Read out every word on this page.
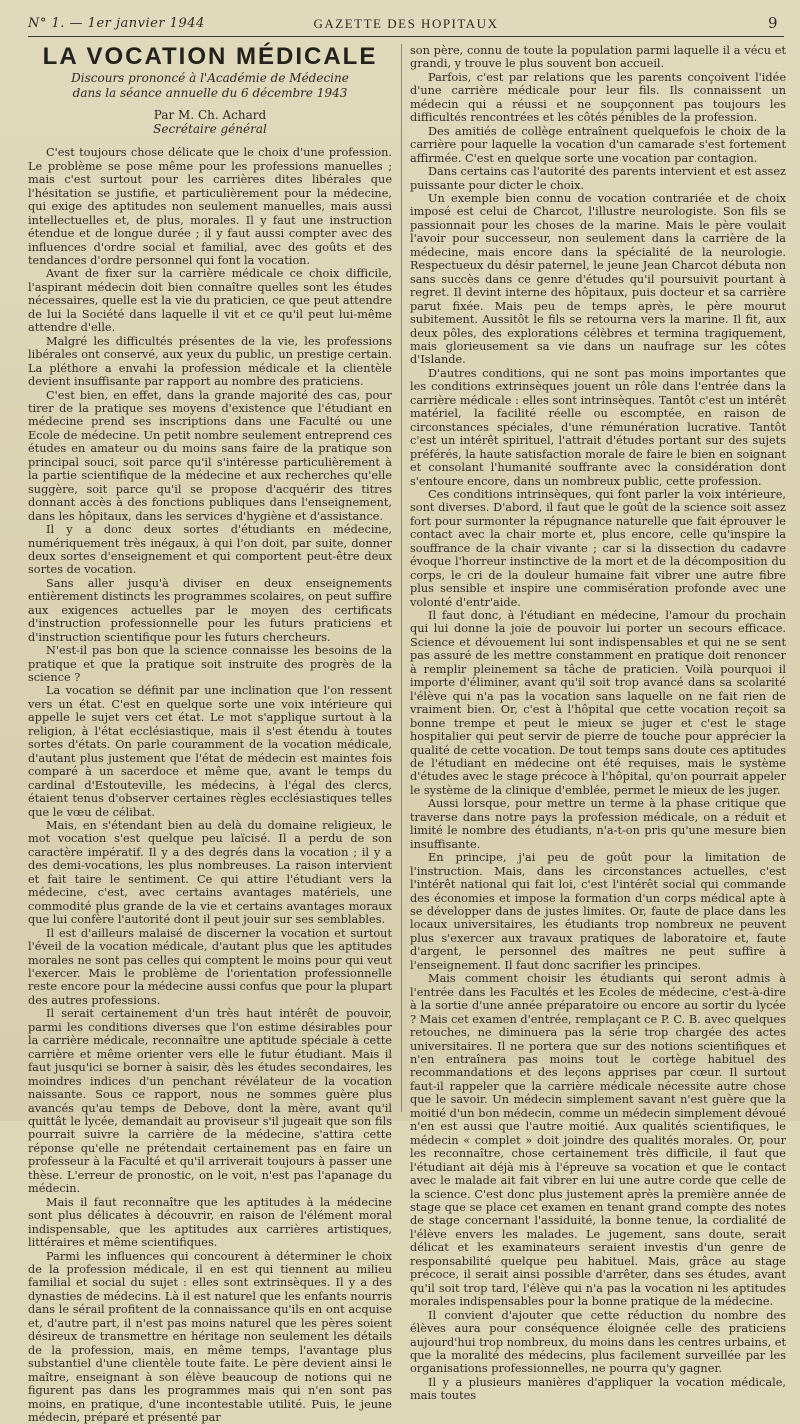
N° 1. — 1er janvier 1944	GAZETTE DES HOPITAUX	9
LA VOCATION MÉDICALE
Discours prononcé à l'Académie de Médecine
dans la séance annuelle du 6 décembre 1943
Par M. Ch. Achard
Secrétaire général

C'est toujours chose délicate que le choix d'une profession. Le problème se pose même pour les professions manuelles ; mais c'est surtout pour les carrières dites libérales que l'hésitation se justifie, et particulièrement pour la médecine, qui exige des aptitudes non seulement manuelles, mais aussi intellectuelles et, de plus, morales. Il y faut une instruction étendue et de longue durée ; il y faut aussi compter avec des influences d'ordre social et familial, avec des goûts et des tendances d'ordre personnel qui font la vocation.

Avant de fixer sur la carrière médicale ce choix difficile, l'aspirant médecin doit bien connaître quelles sont les études nécessaires, quelle est la vie du praticien, ce que peut attendre de lui la Société dans laquelle il vit et ce qu'il peut lui-même attendre d'elle.

Malgré les difficultés présentes de la vie, les professions libérales ont conservé, aux yeux du public, un prestige certain. La pléthore a envahi la profession médicale et la clientèle devient insuffisante par rapport au nombre des praticiens.

C'est bien, en effet, dans la grande majorité des cas, pour tirer de la pratique ses moyens d'existence que l'étudiant en médecine prend ses inscriptions dans une Faculté ou une Ecole de médecine. Un petit nombre seulement entreprend ces études en amateur ou du moins sans faire de la pratique son principal souci, soit parce qu'il s'intéresse particulièrement à la partie scientifique de la médecine et aux recherches qu'elle suggère, soit parce qu'il se propose d'acquérir des titres donnant accès à des fonctions publiques dans l'enseignement, dans les hôpitaux, dans les services d'hygiène et d'assistance.

Il y a donc deux sortes d'étudiants en médecine, numériquement très inégaux, à qui l'on doit, par suite, donner deux sortes d'enseignement et qui comportent peut-être deux sortes de vocation.

Sans aller jusqu'à diviser en deux enseignements entièrement distincts les programmes scolaires, on peut suffire aux exigences actuelles par le moyen des certificats d'instruction professionnelle pour les futurs praticiens et d'instruction scientifique pour les futurs chercheurs.

N'est-il pas bon que la science connaisse les besoins de la pratique et que la pratique soit instruite des progrès de la science ?

La vocation se définit par une inclination que l'on ressent vers un état. C'est en quelque sorte une voix intérieure qui appelle le sujet vers cet état. Le mot s'applique surtout à la religion, à l'état ecclésiastique, mais il s'est étendu à toutes sortes d'états. On parle couramment de la vocation médicale, d'autant plus justement que l'état de médecin est maintes fois comparé à un sacerdoce et même que, avant le temps du cardinal d'Estouteville, les médecins, à l'égal des clercs, étaient tenus d'observer certaines règles ecclésiastiques telles que le vœu de célibat.

Mais, en s'étendant bien au delà du domaine religieux, le mot vocation s'est quelque peu laïcisé. Il a perdu de son caractère impératif. Il y a des degrés dans la vocation ; il y a des demi-vocations, les plus nombreuses. La raison intervient et fait taire le sentiment. Ce qui attire l'étudiant vers la médecine, c'est, avec certains avantages matériels, une commodité plus grande de la vie et certains avantages moraux que lui confère l'autorité dont il peut jouir sur ses semblables.

Il est d'ailleurs malaisé de discerner la vocation et surtout l'éveil de la vocation médicale, d'autant plus que les aptitudes morales ne sont pas celles qui comptent le moins pour qui veut l'exercer. Mais le problème de l'orientation professionnelle reste encore pour la médecine aussi confus que pour la plupart des autres professions.

Il serait certainement d'un très haut intérêt de pouvoir, parmi les conditions diverses que l'on estime désirables pour la carrière médicale, reconnaître une aptitude spéciale à cette carrière et même orienter vers elle le futur étudiant. Mais il faut jusqu'ici se borner à saisir, dès les études secondaires, les moindres indices d'un penchant révélateur de la vocation naissante. Sous ce rapport, nous ne sommes guère plus avancés qu'au temps de Debove, dont la mère, avant qu'il quittât le lycée, demandait au proviseur s'il jugeait que son fils pourrait suivre la carrière de la médecine, s'attira cette réponse qu'elle ne prétendait certainement pas en faire un professeur à la Faculté et qu'il arriverait toujours à passer une thèse. L'erreur de pronostic, on le voit, n'est pas l'apanage du médecin.

Mais il faut reconnaître que les aptitudes à la médecine sont plus délicates à découvrir, en raison de l'élément moral indispensable, que les aptitudes aux carrières artistiques, littéraires et même scientifiques.

Parmi les influences qui concourent à déterminer le choix de la profession médicale, il en est qui tiennent au milieu familial et social du sujet : elles sont extrinsèques. Il y a des dynasties de médecins. Là il est naturel que les enfants nourris dans le sérail profitent de la connaissance qu'ils en ont acquise et, d'autre part, il n'est pas moins naturel que les pères soient désireux de transmettre en héritage non seulement les détails de la profession, mais, en même temps, l'avantage plus substantiel d'une clientèle toute faite. Le père devient ainsi le maître, enseignant à son élève beaucoup de notions qui ne figurent pas dans les programmes mais qui n'en sont pas moins, en pratique, d'une incontestable utilité. Puis, le jeune médecin, préparé et présenté par

son père, connu de toute la population parmi laquelle il a vécu et grandi, y trouve le plus souvent bon accueil.

Parfois, c'est par relations que les parents conçoivent l'idée d'une carrière médicale pour leur fils. Ils connaissent un médecin qui a réussi et ne soupçonnent pas toujours les difficultés rencontrées et les côtés pénibles de la profession.

Des amitiés de collège entraînent quelquefois le choix de la carrière pour laquelle la vocation d'un camarade s'est fortement affirmée. C'est en quelque sorte une vocation par contagion.

Dans certains cas l'autorité des parents intervient et est assez puissante pour dicter le choix.

Un exemple bien connu de vocation contrariée et de choix imposé est celui de Charcot, l'illustre neurologiste. Son fils se passionnait pour les choses de la marine. Mais le père voulait l'avoir pour successeur, non seulement dans la carrière de la médecine, mais encore dans la spécialité de la neurologie. Respectueux du désir paternel, le jeune Jean Charcot débuta non sans succès dans ce genre d'études qu'il poursuivit pourtant à regret. Il devint interne des hôpitaux, puis docteur et sa carrière parut fixée. Mais peu de temps après, le père mourut subitement. Aussitôt le fils se retourna vers la marine. Il fit, aux deux pôles, des explorations célèbres et termina tragiquement, mais glorieusement sa vie dans un naufrage sur les côtes d'Islande.

D'autres conditions, qui ne sont pas moins importantes que les conditions extrinsèques jouent un rôle dans l'entrée dans la carrière médicale : elles sont intrinsèques. Tantôt c'est un intérêt matériel, la facilité réelle ou escomptée, en raison de circonstances spéciales, d'une rémunération lucrative. Tantôt c'est un intérêt spirituel, l'attrait d'études portant sur des sujets préférés, la haute satisfaction morale de faire le bien en soignant et consolant l'humanité souffrante avec la considération dont s'entoure encore, dans un nombreux public, cette profession.

Ces conditions intrinsèques, qui font parler la voix intérieure, sont diverses. D'abord, il faut que le goût de la science soit assez fort pour surmonter la répugnance naturelle que fait éprouver le contact avec la chair morte et, plus encore, celle qu'inspire la souffrance de la chair vivante ; car si la dissection du cadavre évoque l'horreur instinctive de la mort et de la décomposition du corps, le cri de la douleur humaine fait vibrer une autre fibre plus sensible et inspire une commisération profonde avec une volonté d'entr'aide.

Il faut donc, à l'étudiant en médecine, l'amour du prochain qui lui donne la joie de pouvoir lui porter un secours efficace. Science et dévouement lui sont indispensables et qui ne se sent pas assuré de les mettre constamment en pratique doit renoncer à remplir pleinement sa tâche de praticien. Voilà pourquoi il importe d'éliminer, avant qu'il soit trop avancé dans sa scolarité l'élève qui n'a pas la vocation sans laquelle on ne fait rien de vraiment bien. Or, c'est à l'hôpital que cette vocation reçoit sa bonne trempe et peut le mieux se juger et c'est le stage hospitalier qui peut servir de pierre de touche pour apprécier la qualité de cette vocation. De tout temps sans doute ces aptitudes de l'étudiant en médecine ont été requises, mais le système d'études avec le stage précoce à l'hôpital, qu'on pourrait appeler le système de la clinique d'emblée, permet le mieux de les juger.

Aussi lorsque, pour mettre un terme à la phase critique que traverse dans notre pays la profession médicale, on a réduit et limité le nombre des étudiants, n'a-t-on pris qu'une mesure bien insuffisante.

En principe, j'ai peu de goût pour la limitation de l'instruction. Mais, dans les circonstances actuelles, c'est l'intérêt national qui fait loi, c'est l'intérêt social qui commande des économies et impose la formation d'un corps médical apte à se développer dans de justes limites. Or, faute de place dans les locaux universitaires, les étudiants trop nombreux ne peuvent plus s'exercer aux travaux pratiques de laboratoire et, faute d'argent, le personnel des maîtres ne peut suffire à l'enseignement. Il faut donc sacrifier les principes.

Mais comment choisir les étudiants qui seront admis à l'entrée dans les Facultés et les Ecoles de médecine, c'est-à-dire à la sortie d'une année préparatoire ou encore au sortir du lycée ? Mais cet examen d'entrée, remplaçant ce P. C. B. avec quelques retouches, ne diminuera pas la série trop chargée des actes universitaires. Il ne portera que sur des notions scientifiques et n'en entraînera pas moins tout le cortège habituel des recommandations et des leçons apprises par cœur. Il surtout faut-il rappeler que la carrière médicale nécessite autre chose que le savoir. Un médecin simplement savant n'est guère que la moitié d'un bon médecin, comme un médecin simplement dévoué n'en est aussi que l'autre moitié. Aux qualités scientifiques, le médecin « complet » doit joindre des qualités morales. Or, pour les reconnaître, chose certainement très difficile, il faut que l'étudiant ait déjà mis à l'épreuve sa vocation et que le contact avec le malade ait fait vibrer en lui une autre corde que celle de la science. C'est donc plus justement après la première année de stage que se place cet examen en tenant grand compte des notes de stage concernant l'assiduité, la bonne tenue, la cordialité de l'élève envers les malades. Le jugement, sans doute, serait délicat et les examinateurs seraient investis d'un genre de responsabilité quelque peu habituel. Mais, grâce au stage précoce, il serait ainsi possible d'arrêter, dans ses études, avant qu'il soit trop tard, l'élève qui n'a pas la vocation ni les aptitudes morales indispensables pour la bonne pratique de la médecine.

Il convient d'ajouter que cette réduction du nombre des élèves aura pour conséquence éloignée celle des praticiens aujourd'hui trop nombreux, du moins dans les centres urbains, et que la moralité des médecins, plus facilement surveillée par les organisations professionnelles, ne pourra qu'y gagner.

Il y a plusieurs manières d'appliquer la vocation médicale, mais toutes
